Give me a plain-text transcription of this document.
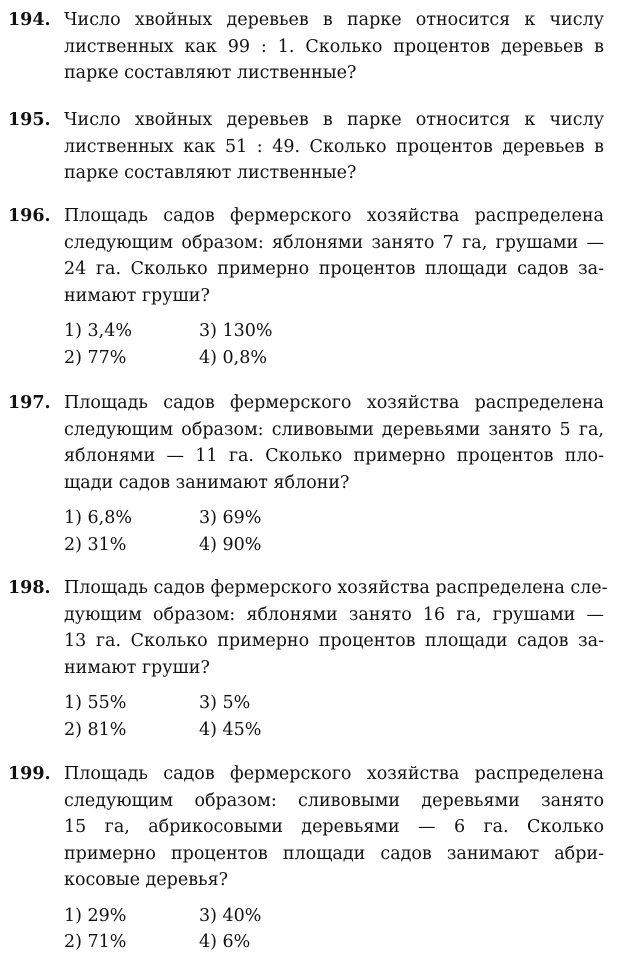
194. Число хвойных деревьев в парке относится к числу
лиственных как 99 : 1. Сколько процентов деревьев в
парке составляют лиственные?
195. Число хвойных деревьев в парке относится к числу
лиственных как 51 : 49. Сколько процентов деревьев в
парке составляют лиственные?
196. Площадь садов фермерского хозяйства распределена
следующим образом: яблонями занято 7 га, грушами —
24 га. Сколько примерно процентов площади садов за-
нимают груши?
1) 3,4%	3) 130%
2) 77%	4) 0,8%
197. Площадь садов фермерского хозяйства распределена
следующим образом: сливовыми деревьями занято 5 га,
яблонями — 11 га. Сколько примерно процентов пло-
щади садов занимают яблони?
1) 6,8%	3) 69%
2) 31%	4) 90%
198. Площадь садов фермерского хозяйства распределена сле-
дующим образом: яблонями занято 16 га, грушами —
13 га. Сколько примерно процентов площади садов за-
нимают груши?
1) 55%	3) 5%
2) 81%	4) 45%
199. Площадь садов фермерского хозяйства распределена
следующим образом: сливовыми деревьями занято
15 га, абрикосовыми деревьями — 6 га. Сколько
примерно процентов площади садов занимают абри-
косовые деревья?
1) 29%	3) 40%
2) 71%	4) 6%
